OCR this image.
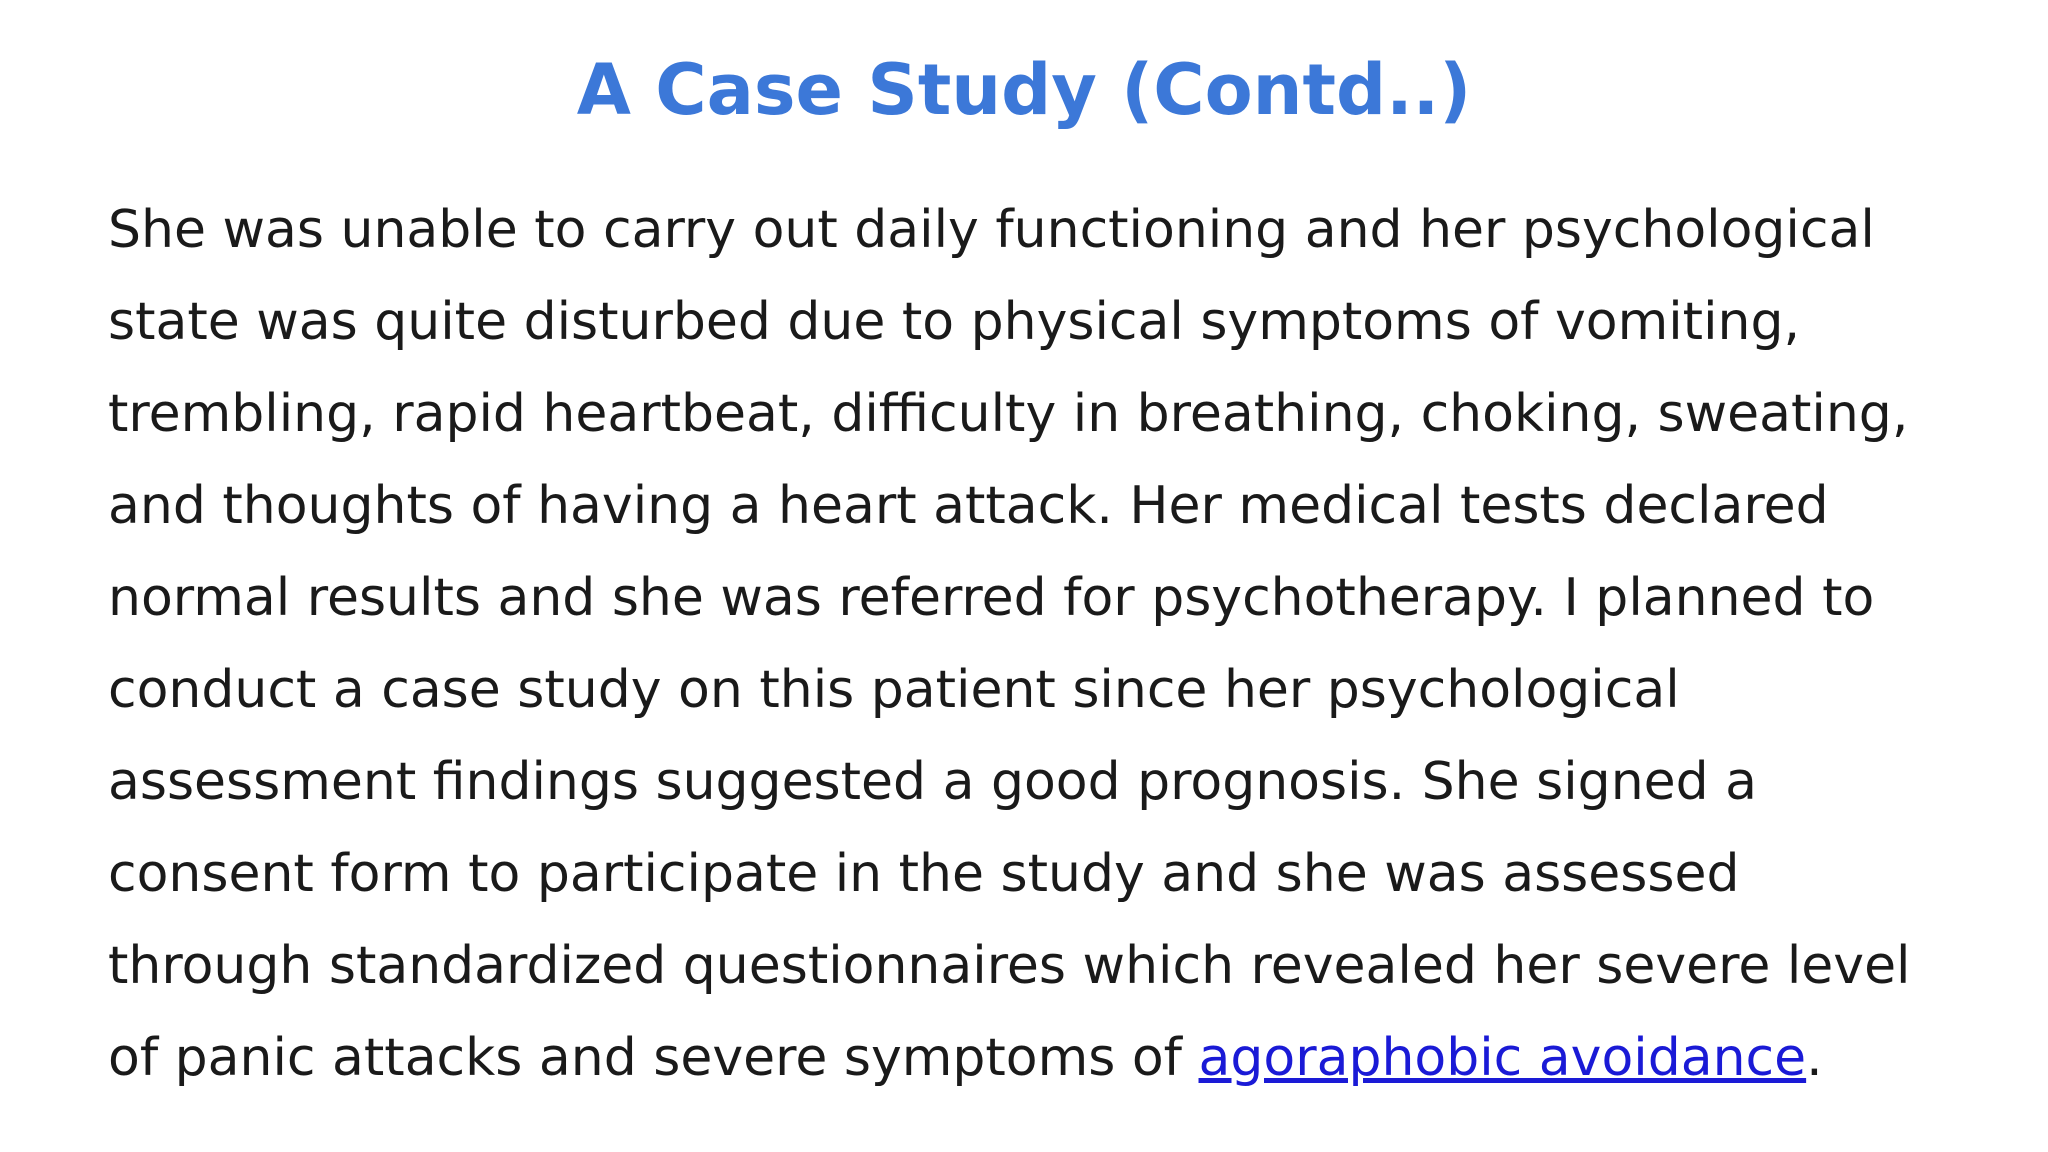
A Case Study (Contd..)
She was unable to carry out daily functioning and her psychological
state was quite disturbed due to physical symptoms of vomiting,
trembling, rapid heartbeat, difficulty in breathing, choking, sweating,
and thoughts of having a heart attack. Her medical tests declared
normal results and she was referred for psychotherapy. I planned to
conduct a case study on this patient since her psychological
assessment findings suggested a good prognosis. She signed a
consent form to participate in the study and she was assessed
through standardized questionnaires which revealed her severe level
of panic attacks and severe symptoms of agoraphobic avoidance.
